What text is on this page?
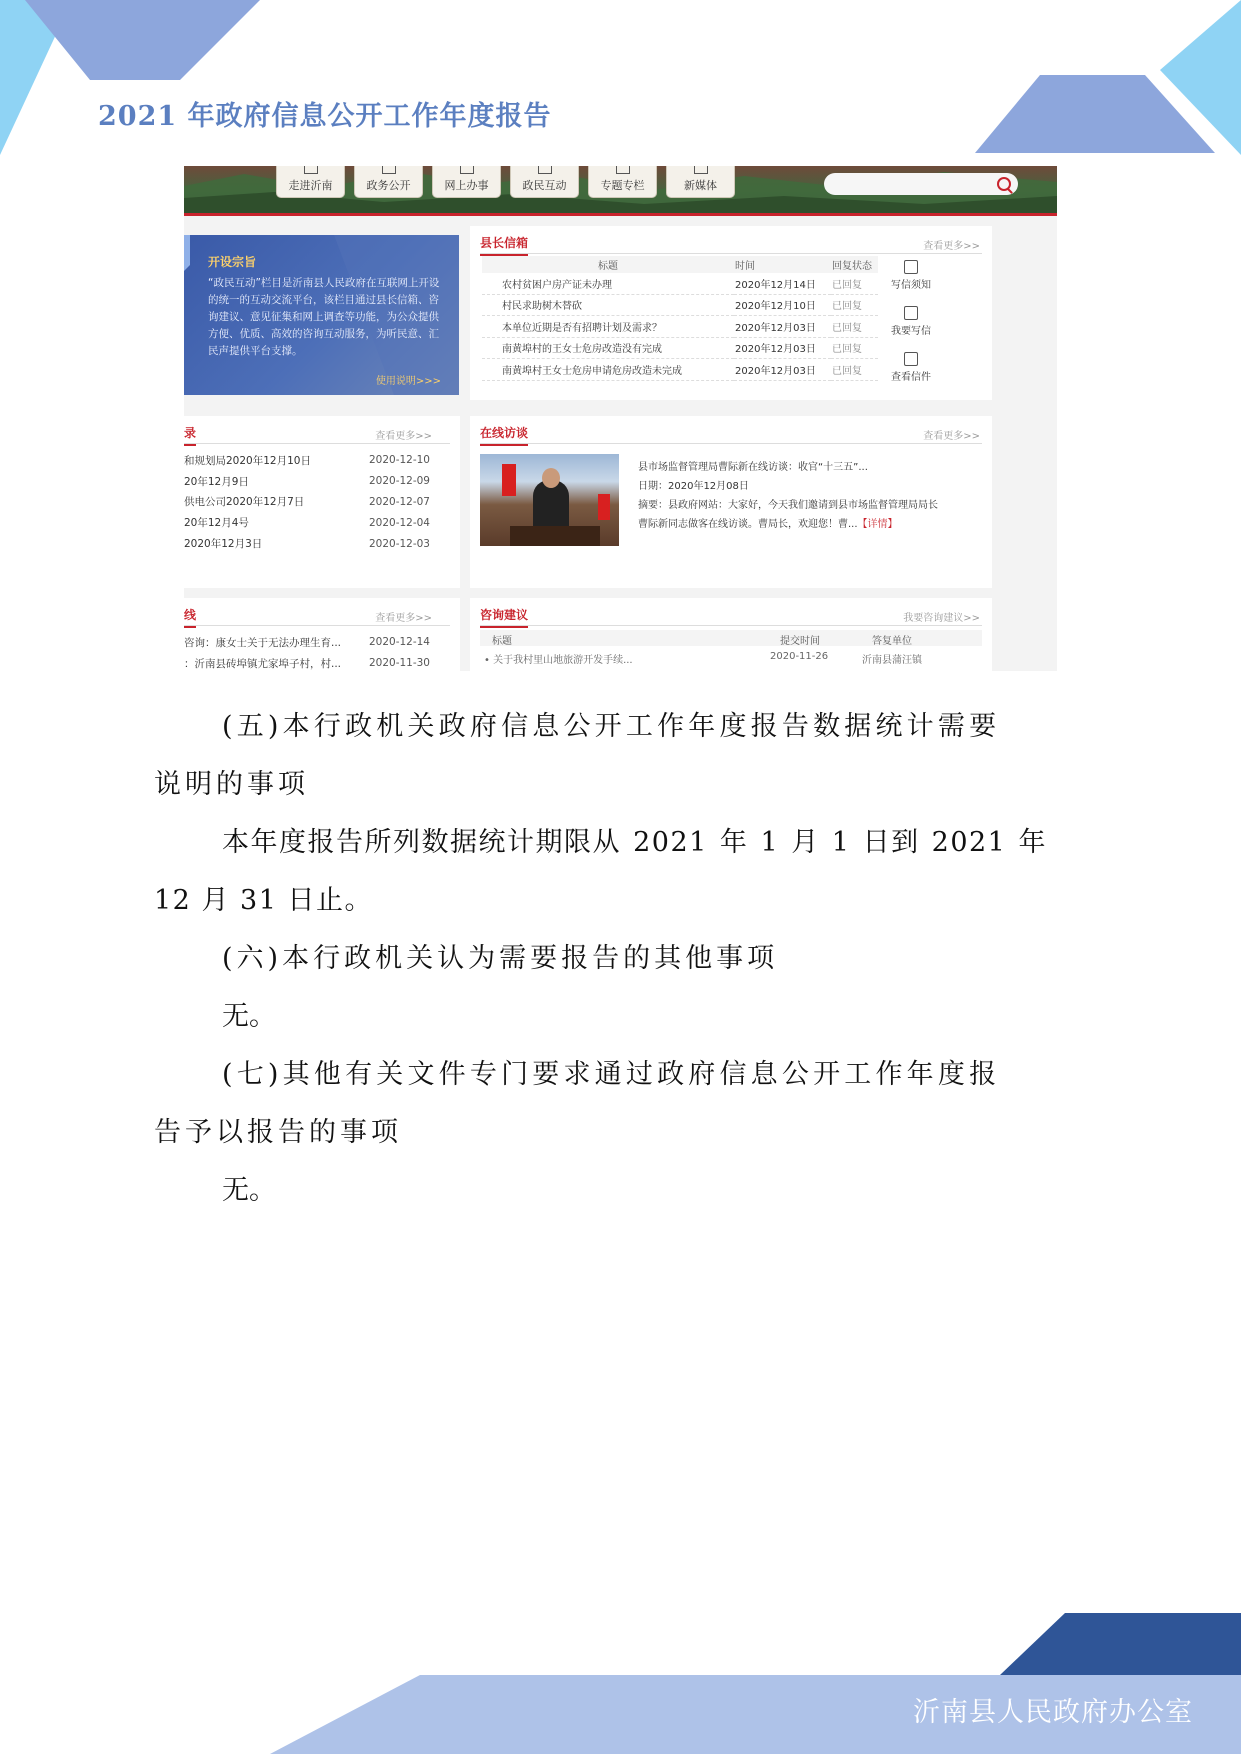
2021 年政府信息公开工作年度报告
走进沂南	政务公开	网上办事	政民互动	专题专栏	新媒体
开设宗旨
“政民互动”栏目是沂南县人民政府在互联网上开设的统一的互动交流平台，该栏目通过县长信箱、咨询建议、意见征集和网上调查等功能，为公众提供方便、优质、高效的咨询互动服务，为听民意、汇民声提供平台支撑。
使用说明>>>
县长信箱	查看更多>>
标题	时间	回复状态
农村贫困户房产证未办理	2020年12月14日	已回复
村民求助树木替砍	2020年12月10日	已回复
本单位近期是否有招聘计划及需求？	2020年12月03日	已回复
南黄埠村的王女士危房改造没有完成	2020年12月03日	已回复
南黄埠村王女士危房申请危房改造未完成	2020年12月03日	已回复
写信须知
我要写信
查看信件
录	查看更多>>
和规划局2020年12月10日	2020-12-10
20年12月9日	2020-12-09
供电公司2020年12月7日	2020-12-07
20年12月4号	2020-12-04
2020年12月3日	2020-12-03
在线访谈	查看更多>>
县市场监督管理局曹际新在线访谈：收官“十三五”...
日期：2020年12月08日
摘要：县政府网站：大家好，今天我们邀请到县市场监督管理局局长曹际新同志做客在线访谈。曹局长，欢迎您！曹...【详情】
线	查看更多>>
咨询：康女士关于无法办理生育...	2020-12-14
：沂南县砖埠镇尤家埠子村，村...	2020-11-30
咨询建议	我要咨询建议>>
标题	提交时间	答复单位
• 关于我村里山地旅游开发手续...	2020-11-26	沂南县蒲汪镇
(五)本行政机关政府信息公开工作年度报告数据统计需要
说明的事项
本年度报告所列数据统计期限从 2021 年 1 月 1 日到 2021 年
12 月 31 日止。
(六)本行政机关认为需要报告的其他事项
无。
(七)其他有关文件专门要求通过政府信息公开工作年度报
告予以报告的事项
无。
沂南县人民政府办公室
